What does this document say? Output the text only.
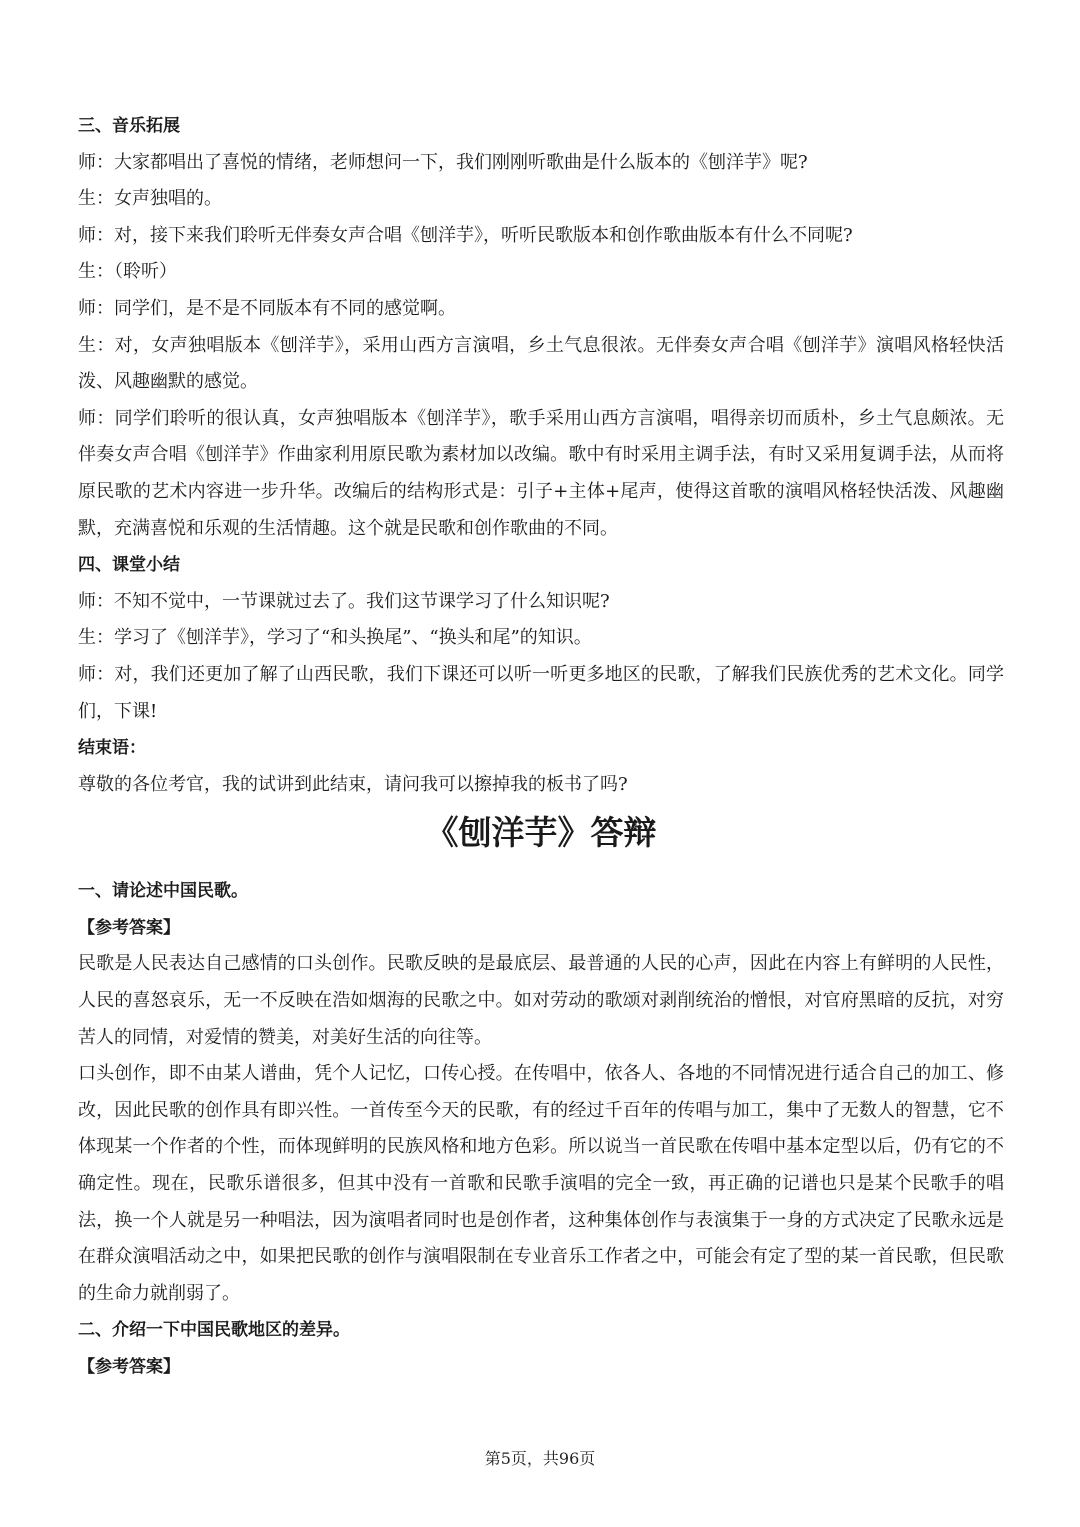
三、音乐拓展

师：大家都唱出了喜悦的情绪，老师想问一下，我们刚刚听歌曲是什么版本的《刨洋芋》呢?

生：女声独唱的。

师：对，接下来我们聆听无伴奏女声合唱《刨洋芋》，听听民歌版本和创作歌曲版本有什么不同呢?

生：（聆听）

师：同学们，是不是不同版本有不同的感觉啊。

生：对，女声独唱版本《刨洋芋》，采用山西方言演唱，乡土气息很浓。无伴奏女声合唱《刨洋芋》演唱风格轻快活泼、风趣幽默的感觉。

师：同学们聆听的很认真，女声独唱版本《刨洋芋》，歌手采用山西方言演唱，唱得亲切而质朴，乡土气息颇浓。无伴奏女声合唱《刨洋芋》作曲家利用原民歌为素材加以改编。歌中有时采用主调手法，有时又采用复调手法，从而将原民歌的艺术内容进一步升华。改编后的结构形式是：引子+主体+尾声，使得这首歌的演唱风格轻快活泼、风趣幽默，充满喜悦和乐观的生活情趣。这个就是民歌和创作歌曲的不同。

四、课堂小结

师：不知不觉中，一节课就过去了。我们这节课学习了什么知识呢?

生：学习了《刨洋芋》，学习了“和头换尾”、“换头和尾”的知识。

师：对，我们还更加了解了山西民歌，我们下课还可以听一听更多地区的民歌，了解我们民族优秀的艺术文化。同学们，下课!

结束语：

尊敬的各位考官，我的试讲到此结束，请问我可以擦掉我的板书了吗?

《刨洋芋》答辩

一、请论述中国民歌。

【参考答案】

民歌是人民表达自己感情的口头创作。民歌反映的是最底层、最普通的人民的心声，因此在内容上有鲜明的人民性，人民的喜怒哀乐，无一不反映在浩如烟海的民歌之中。如对劳动的歌颂对剥削统治的憎恨，对官府黑暗的反抗，对穷苦人的同情，对爱情的赞美，对美好生活的向往等。

口头创作，即不由某人谱曲，凭个人记忆，口传心授。在传唱中，依各人、各地的不同情况进行适合自己的加工、修改，因此民歌的创作具有即兴性。一首传至今天的民歌，有的经过千百年的传唱与加工，集中了无数人的智慧，它不体现某一个作者的个性，而体现鲜明的民族风格和地方色彩。所以说当一首民歌在传唱中基本定型以后，仍有它的不确定性。现在，民歌乐谱很多，但其中没有一首歌和民歌手演唱的完全一致，再正确的记谱也只是某个民歌手的唱法，换一个人就是另一种唱法，因为演唱者同时也是创作者，这种集体创作与表演集于一身的方式决定了民歌永远是在群众演唱活动之中，如果把民歌的创作与演唱限制在专业音乐工作者之中，可能会有定了型的某一首民歌，但民歌的生命力就削弱了。

二、介绍一下中国民歌地区的差异。

【参考答案】

第5页，共96页
